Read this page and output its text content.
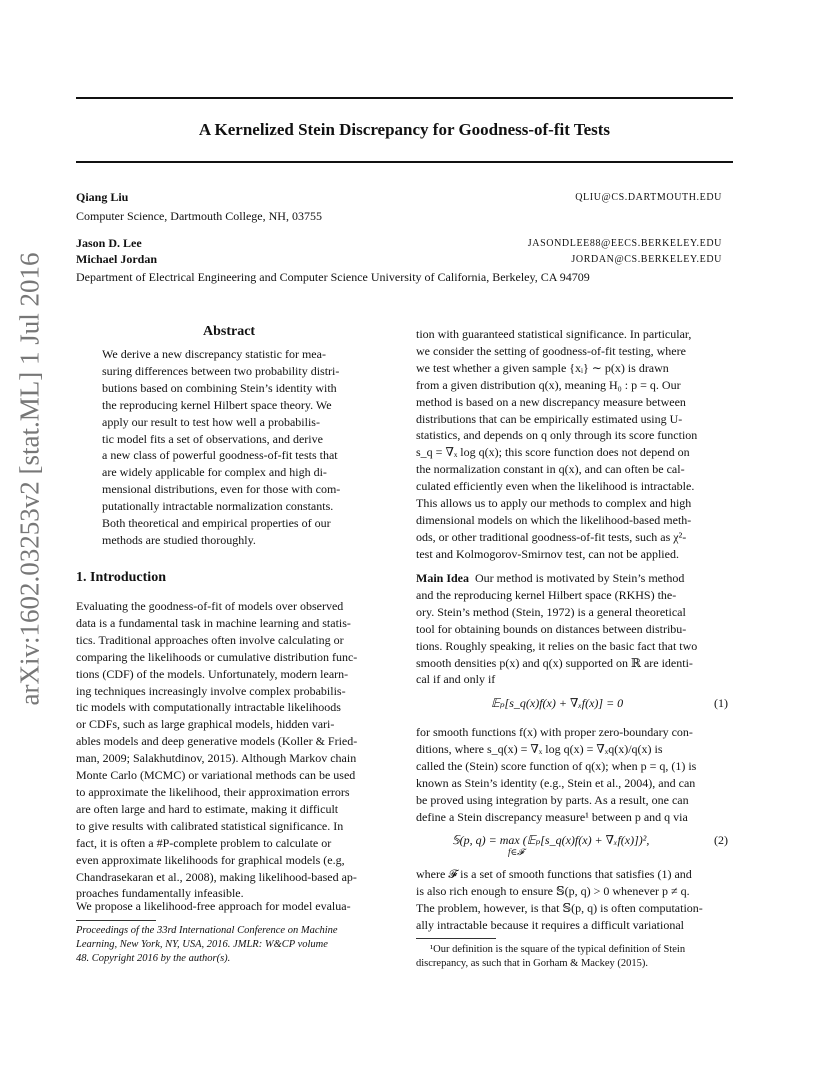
arXiv:1602.03253v2 [stat.ML] 1 Jul 2016
A Kernelized Stein Discrepancy for Goodness-of-fit Tests
Qiang Liu	QLIU@CS.DARTMOUTH.EDU
Computer Science, Dartmouth College, NH, 03755
Jason D. Lee	JASONDLEE88@EECS.BERKELEY.EDU
Michael Jordan	JORDAN@CS.BERKELEY.EDU
Department of Electrical Engineering and Computer Science University of California, Berkeley, CA 94709
Abstract
We derive a new discrepancy statistic for mea-
suring differences between two probability distri-
butions based on combining Stein’s identity with
the reproducing kernel Hilbert space theory. We
apply our result to test how well a probabilis-
tic model fits a set of observations, and derive
a new class of powerful goodness-of-fit tests that
are widely applicable for complex and high di-
mensional distributions, even for those with com-
putationally intractable normalization constants.
Both theoretical and empirical properties of our
methods are studied thoroughly.
1. Introduction
Evaluating the goodness-of-fit of models over observed
data is a fundamental task in machine learning and statis-
tics. Traditional approaches often involve calculating or
comparing the likelihoods or cumulative distribution func-
tions (CDF) of the models. Unfortunately, modern learn-
ing techniques increasingly involve complex probabilis-
tic models with computationally intractable likelihoods
or CDFs, such as large graphical models, hidden vari-
ables models and deep generative models (Koller & Fried-
man, 2009; Salakhutdinov, 2015). Although Markov chain
Monte Carlo (MCMC) or variational methods can be used
to approximate the likelihood, their approximation errors
are often large and hard to estimate, making it difficult
to give results with calibrated statistical significance. In
fact, it is often a #P-complete problem to calculate or
even approximate likelihoods for graphical models (e.g,
Chandrasekaran et al., 2008), making likelihood-based ap-
proaches fundamentally infeasible.
We propose a likelihood-free approach for model evalua-
Proceedings of the 33rd International Conference on Machine
Learning, New York, NY, USA, 2016. JMLR: W&CP volume
48. Copyright 2016 by the author(s).
tion with guaranteed statistical significance. In particular,
we consider the setting of goodness-of-fit testing, where
we test whether a given sample {xᵢ} ∼ p(x) is drawn
from a given distribution q(x), meaning H₀ : p = q. Our
method is based on a new discrepancy measure between
distributions that can be empirically estimated using U-
statistics, and depends on q only through its score function
s_q = ∇ₓ log q(x); this score function does not depend on
the normalization constant in q(x), and can often be cal-
culated efficiently even when the likelihood is intractable.
This allows us to apply our methods to complex and high
dimensional models on which the likelihood-based meth-
ods, or other traditional goodness-of-fit tests, such as χ²-
test and Kolmogorov-Smirnov test, can not be applied.
Main Idea Our method is motivated by Stein’s method
and the reproducing kernel Hilbert space (RKHS) the-
ory. Stein’s method (Stein, 1972) is a general theoretical
tool for obtaining bounds on distances between distribu-
tions. Roughly speaking, it relies on the basic fact that two
smooth densities p(x) and q(x) supported on ℝ are identi-
cal if and only if
𝔼ₚ[s_q(x)f(x) + ∇ₓf(x)] = 0	(1)
for smooth functions f(x) with proper zero-boundary con-
ditions, where s_q(x) = ∇ₓ log q(x) = ∇ₓq(x)/q(x) is
called the (Stein) score function of q(x); when p = q, (1) is
known as Stein’s identity (e.g., Stein et al., 2004), and can
be proved using integration by parts. As a result, one can
define a Stein discrepancy measure¹ between p and q via
𝕊(p, q) = max (𝔼ₚ[s_q(x)f(x) + ∇ₓf(x)])²,
f∈𝓕
(2)
where 𝓕 is a set of smooth functions that satisfies (1) and
is also rich enough to ensure 𝕊(p, q) > 0 whenever p ≠ q.
The problem, however, is that 𝕊(p, q) is often computation-
ally intractable because it requires a difficult variational
¹Our definition is the square of the typical definition of Stein
discrepancy, as such that in Gorham & Mackey (2015).
